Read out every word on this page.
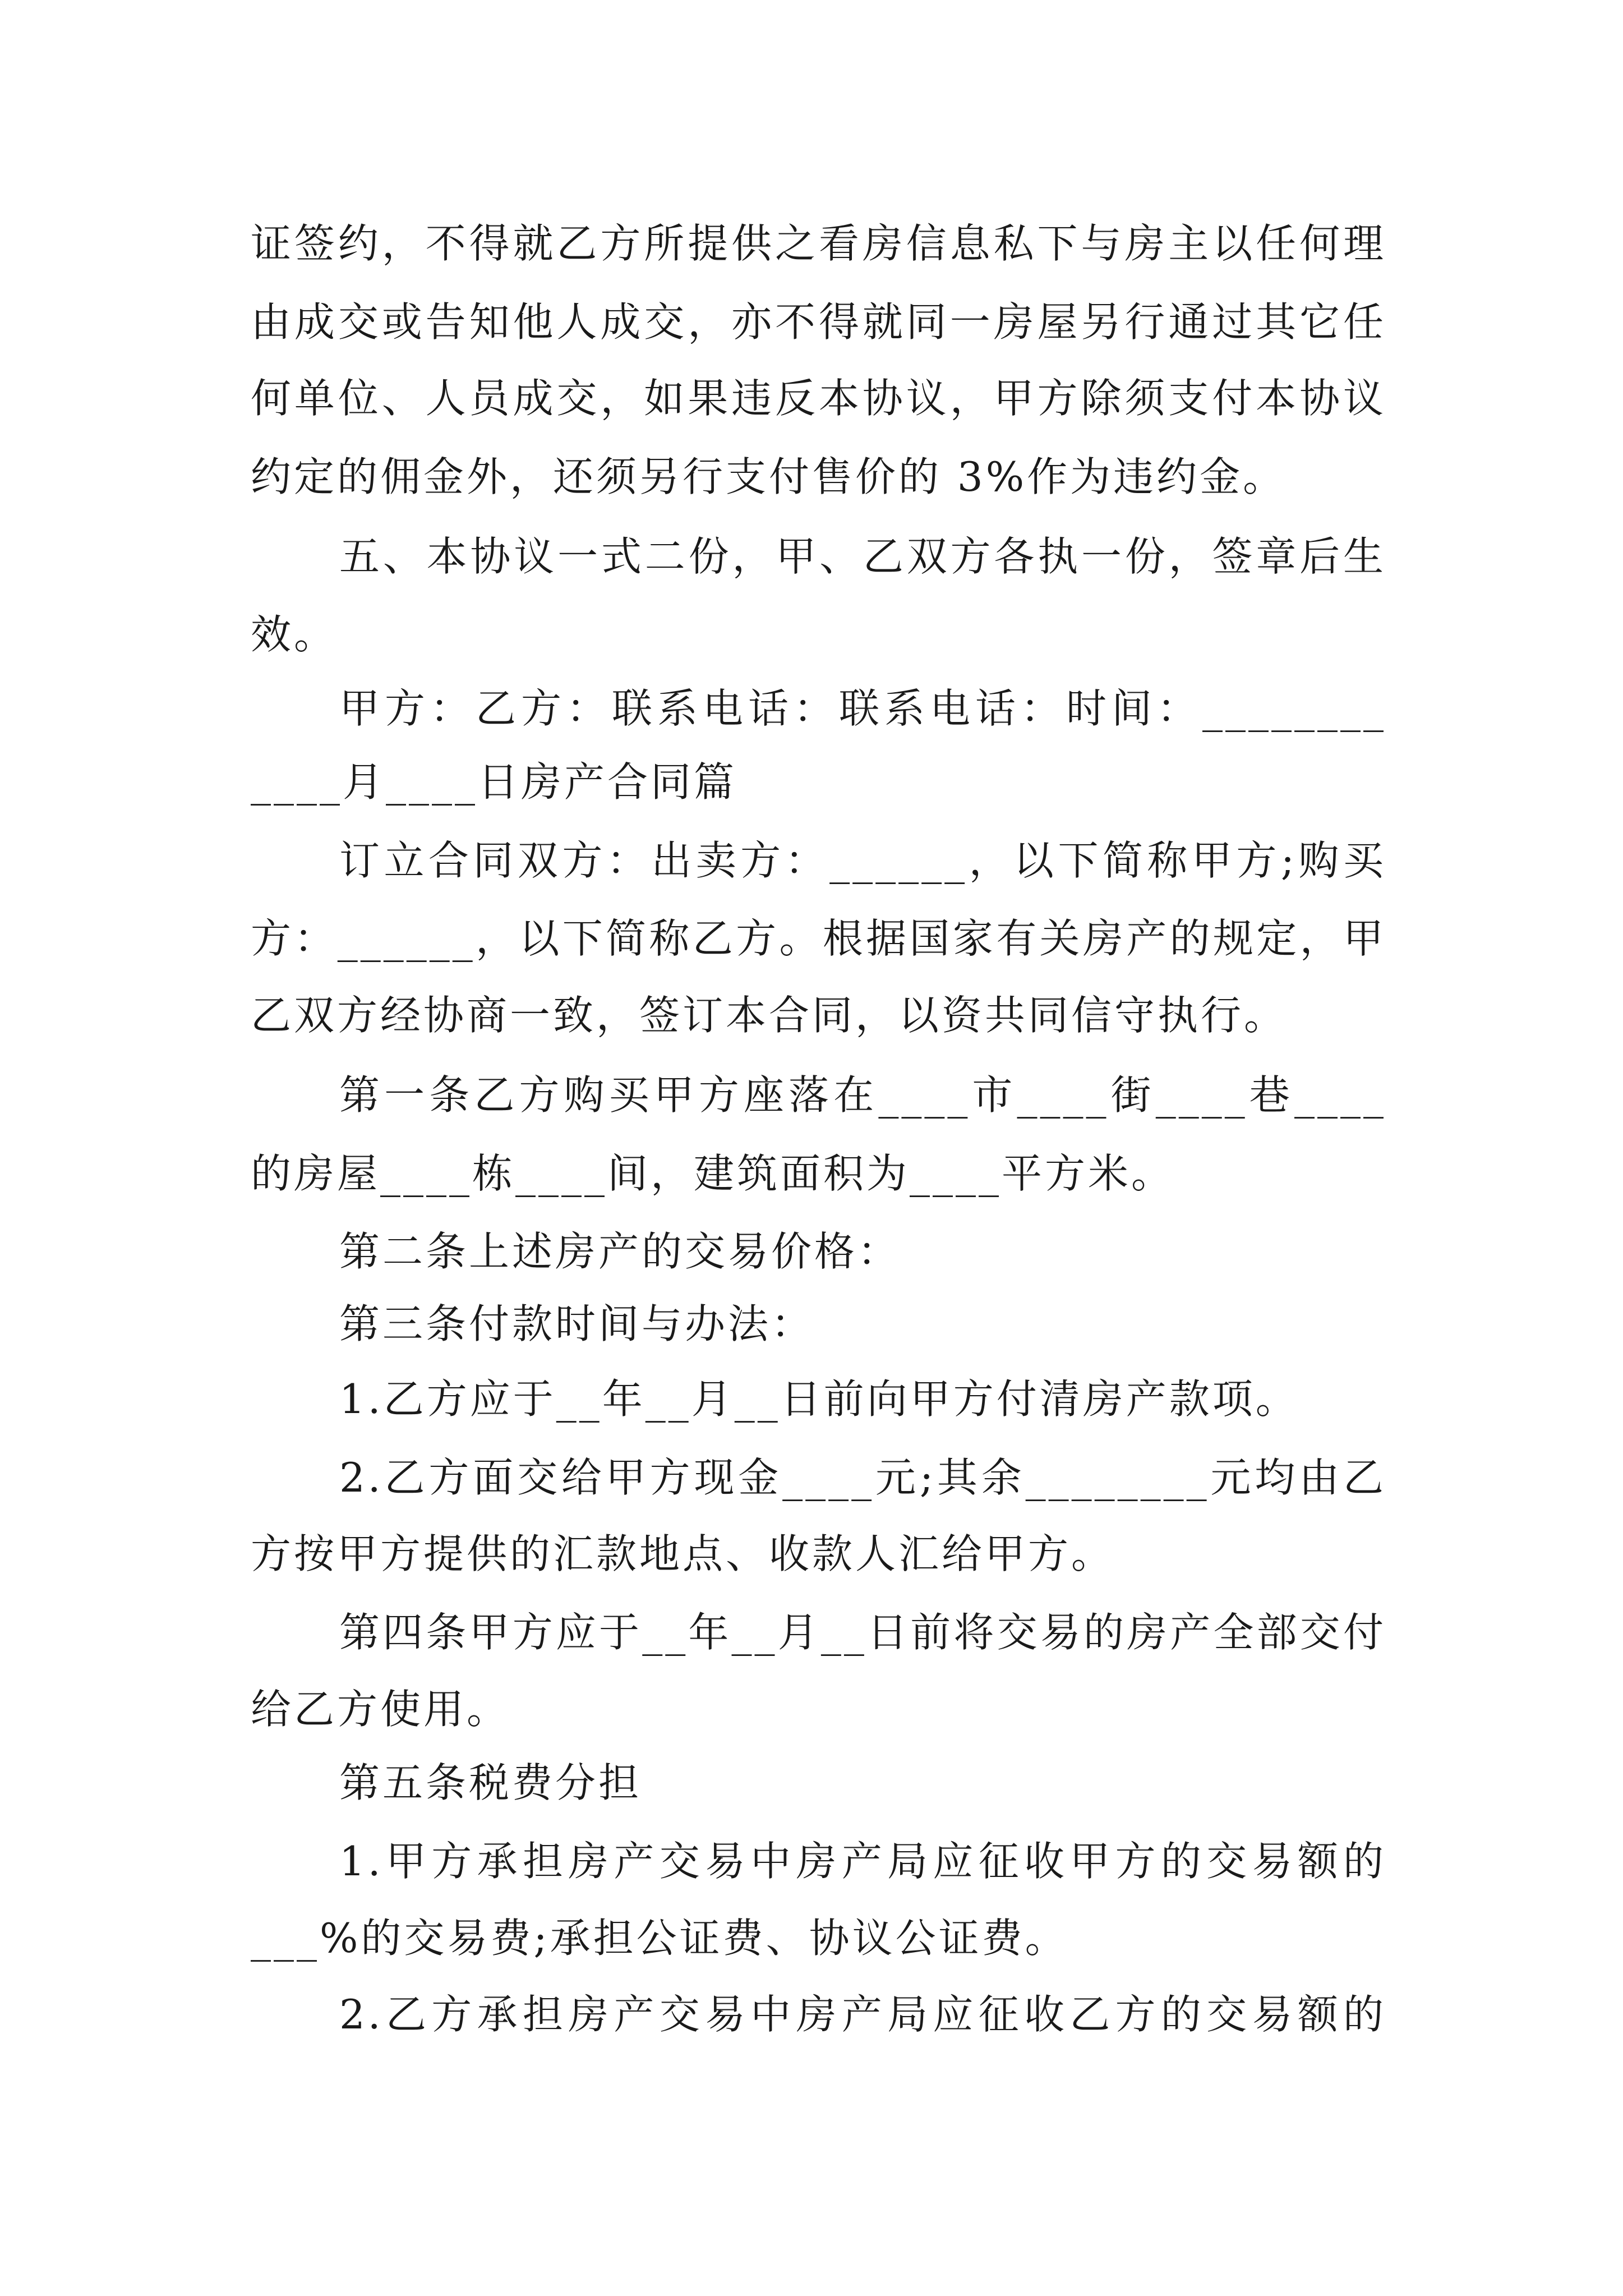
证签约，不得就乙方所提供之看房信息私下与房主以任何理
由成交或告知他人成交，亦不得就同一房屋另行通过其它任
何单位、人员成交，如果违反本协议，甲方除须支付本协议
约定的佣金外，还须另行支付售价的 3%作为违约金。
五、本协议一式二份，甲、乙双方各执一份，签章后生
效。
甲方：乙方：联系电话：联系电话：时间：________
____月____日房产合同篇
订立合同双方：出卖方：______，以下简称甲方;购买
方：______，以下简称乙方。根据国家有关房产的规定，甲
乙双方经协商一致，签订本合同，以资共同信守执行。
第一条乙方购买甲方座落在____市____街____巷____
的房屋____栋____间，建筑面积为____平方米。
第二条上述房产的交易价格：
第三条付款时间与办法：
1.乙方应于__年__月__日前向甲方付清房产款项。
2.乙方面交给甲方现金____元;其余________元均由乙
方按甲方提供的汇款地点、收款人汇给甲方。
第四条甲方应于__年__月__日前将交易的房产全部交付
给乙方使用。
第五条税费分担
1.甲方承担房产交易中房产局应征收甲方的交易额的
___%的交易费;承担公证费、协议公证费。
2.乙方承担房产交易中房产局应征收乙方的交易额的
